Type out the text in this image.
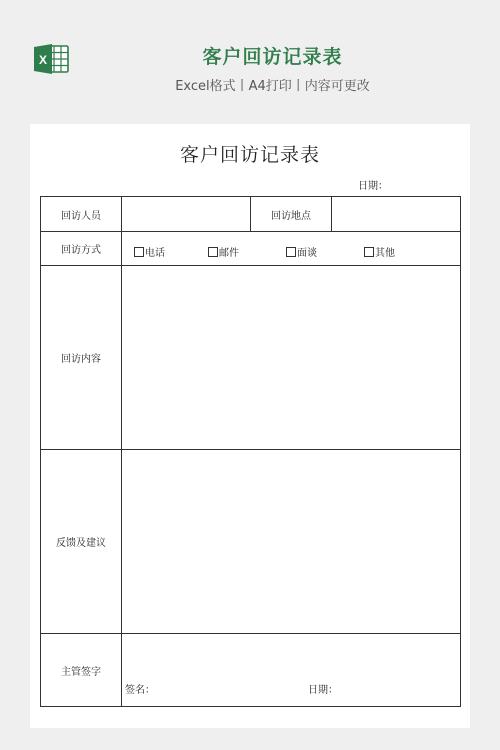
X	客户回访记录表
Excel格式丨A4打印丨内容可更改
客户回访记录表
日期：
回访人员		回访地点	
回访方式	电话 邮件 面谈 其他		

回访内容			
反馈及建议			
主管签字	签名： 日期：		
